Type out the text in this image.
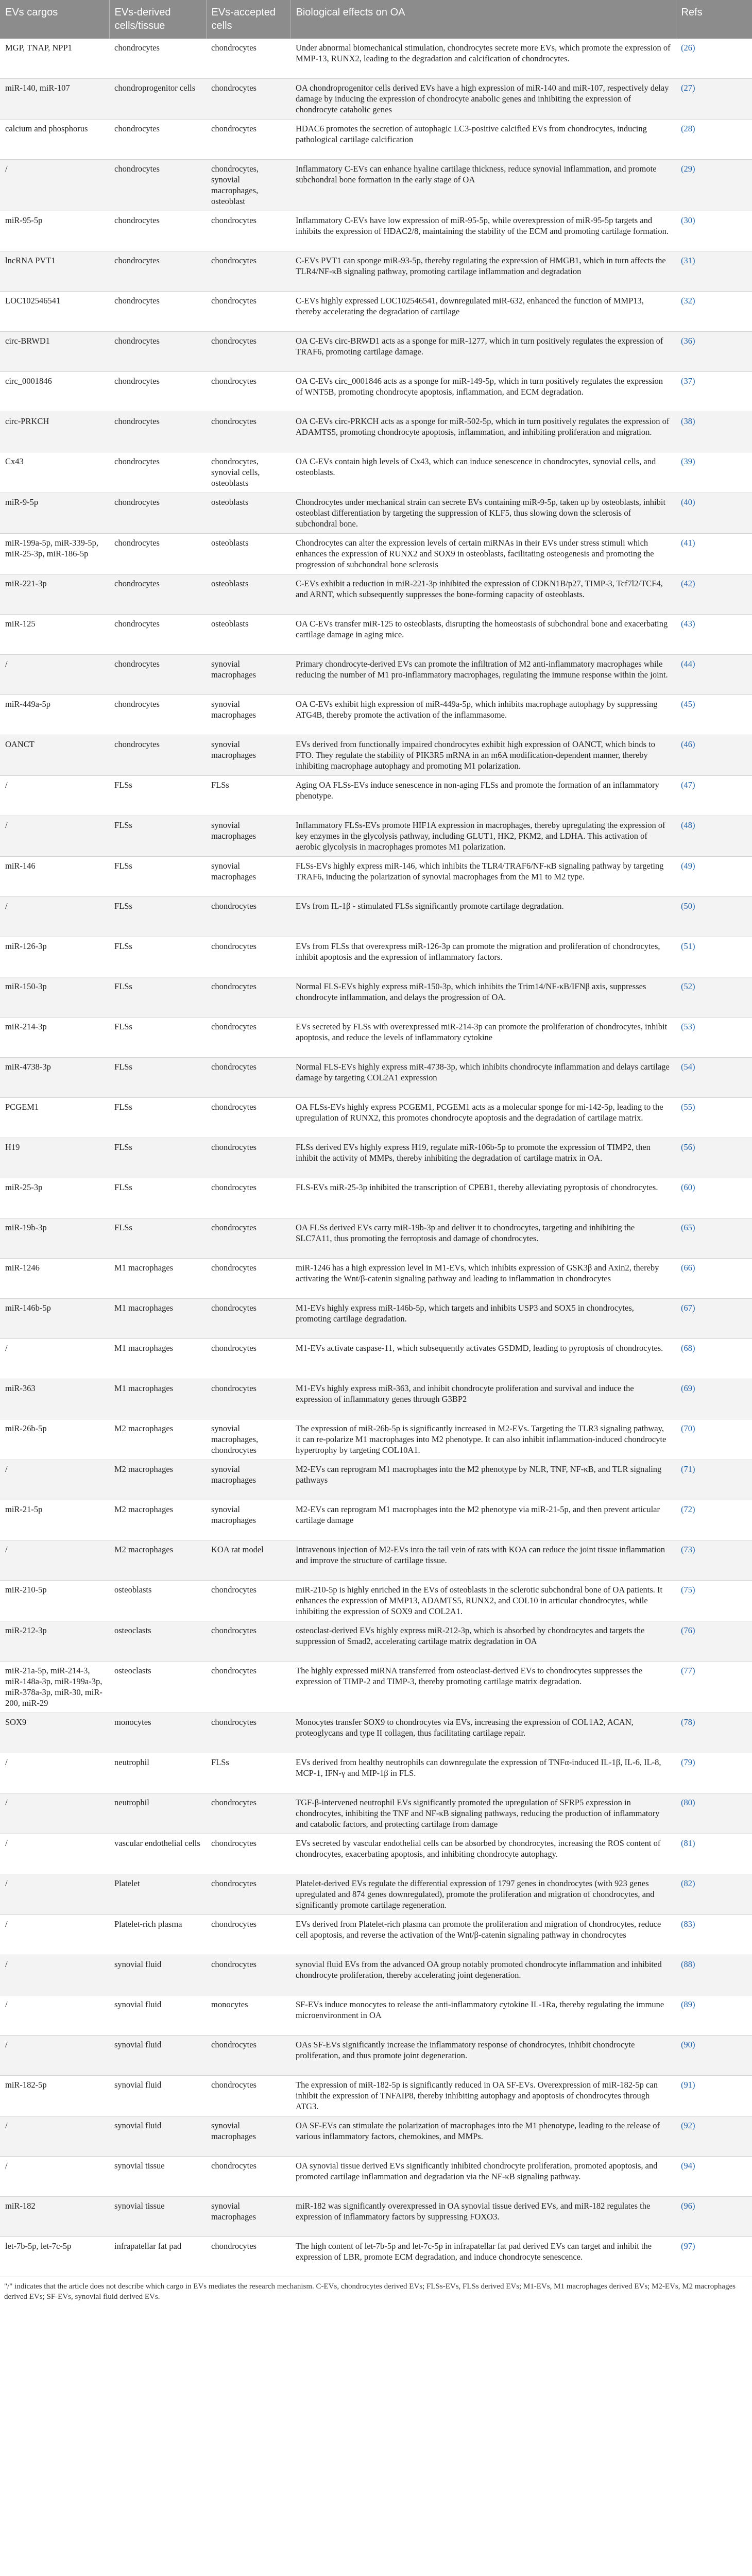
EVs cargos	EVs-derived cells/tissue	EVs-accepted cells	Biological effects on OA	Refs
MGP, TNAP, NPP1	chondrocytes	chondrocytes	Under abnormal biomechanical stimulation, chondrocytes secrete more EVs, which promote the expression of MMP-13, RUNX2, leading to the degradation and calcification of chondrocytes.	(26)
miR-140, miR-107	chondroprogenitor cells	chondrocytes	OA chondroprogenitor cells derived EVs have a high expression of miR-140 and miR-107, respectively delay damage by inducing the expression of chondrocyte anabolic genes and inhibiting the expression of chondrocyte catabolic genes	(27)
calcium and phosphorus	chondrocytes	chondrocytes	HDAC6 promotes the secretion of autophagic LC3-positive calcified EVs from chondrocytes, inducing pathological cartilage calcification	(28)
/	chondrocytes	chondrocytes, synovial macrophages, osteoblast	Inflammatory C-EVs can enhance hyaline cartilage thickness, reduce synovial inflammation, and promote subchondral bone formation in the early stage of OA	(29)
miR-95-5p	chondrocytes	chondrocytes	Inflammatory C-EVs have low expression of miR-95-5p, while overexpression of miR-95-5p targets and inhibits the expression of HDAC2/8, maintaining the stability of the ECM and promoting cartilage formation.	(30)
lncRNA PVT1	chondrocytes	chondrocytes	C-EVs PVT1 can sponge miR-93-5p, thereby regulating the expression of HMGB1, which in turn affects the TLR4/NF-κB signaling pathway, promoting cartilage inflammation and degradation	(31)
LOC102546541	chondrocytes	chondrocytes	C-EVs highly expressed LOC102546541, downregulated miR-632, enhanced the function of MMP13, thereby accelerating the degradation of cartilage	(32)
circ-BRWD1	chondrocytes	chondrocytes	OA C-EVs circ-BRWD1 acts as a sponge for miR-1277, which in turn positively regulates the expression of TRAF6, promoting cartilage damage.	(36)
circ_0001846	chondrocytes	chondrocytes	OA C-EVs circ_0001846 acts as a sponge for miR-149-5p, which in turn positively regulates the expression of WNT5B, promoting chondrocyte apoptosis, inflammation, and ECM degradation.	(37)
circ-PRKCH	chondrocytes	chondrocytes	OA C-EVs circ-PRKCH acts as a sponge for miR-502-5p, which in turn positively regulates the expression of ADAMTS5, promoting chondrocyte apoptosis, inflammation, and inhibiting proliferation and migration.	(38)
Cx43	chondrocytes	chondrocytes, synovial cells, osteoblasts	OA C-EVs contain high levels of Cx43, which can induce senescence in chondrocytes, synovial cells, and osteoblasts.	(39)
miR-9-5p	chondrocytes	osteoblasts	Chondrocytes under mechanical strain can secrete EVs containing miR-9-5p, taken up by osteoblasts, inhibit osteoblast differentiation by targeting the suppression of KLF5, thus slowing down the sclerosis of subchondral bone.	(40)
miR-199a-5p, miR-339-5p, miR-25-3p, miR-186-5p	chondrocytes	osteoblasts	Chondrocytes can alter the expression levels of certain miRNAs in their EVs under stress stimuli which enhances the expression of RUNX2 and SOX9 in osteoblasts, facilitating osteogenesis and promoting the progression of subchondral bone sclerosis	(41)
miR-221-3p	chondrocytes	osteoblasts	C-EVs exhibit a reduction in miR-221-3p inhibited the expression of CDKN1B/p27, TIMP-3, Tcf7l2/TCF4, and ARNT, which subsequently suppresses the bone-forming capacity of osteoblasts.	(42)
miR-125	chondrocytes	osteoblasts	OA C-EVs transfer miR-125 to osteoblasts, disrupting the homeostasis of subchondral bone and exacerbating cartilage damage in aging mice.	(43)
/	chondrocytes	synovial macrophages	Primary chondrocyte-derived EVs can promote the infiltration of M2 anti-inflammatory macrophages while reducing the number of M1 pro-inflammatory macrophages, regulating the immune response within the joint.	(44)
miR-449a-5p	chondrocytes	synovial macrophages	OA C-EVs exhibit high expression of miR-449a-5p, which inhibits macrophage autophagy by suppressing ATG4B, thereby promote the activation of the inflammasome.	(45)
OANCT	chondrocytes	synovial macrophages	EVs derived from functionally impaired chondrocytes exhibit high expression of OANCT, which binds to FTO. They regulate the stability of PIK3R5 mRNA in an m6A modification-dependent manner, thereby inhibiting macrophage autophagy and promoting M1 polarization.	(46)
/	FLSs	FLSs	Aging OA FLSs-EVs induce senescence in non-aging FLSs and promote the formation of an inflammatory phenotype.	(47)
/	FLSs	synovial macrophages	Inflammatory FLSs-EVs promote HIF1A expression in macrophages, thereby upregulating the expression of key enzymes in the glycolysis pathway, including GLUT1, HK2, PKM2, and LDHA. This activation of aerobic glycolysis in macrophages promotes M1 polarization.	(48)
miR-146	FLSs	synovial macrophages	FLSs-EVs highly express miR-146, which inhibits the TLR4/TRAF6/NF-κB signaling pathway by targeting TRAF6, inducing the polarization of synovial macrophages from the M1 to M2 type.	(49)
/	FLSs	chondrocytes	EVs from IL-1β - stimulated FLSs significantly promote cartilage degradation.	(50)
miR-126-3p	FLSs	chondrocytes	EVs from FLSs that overexpress miR-126-3p can promote the migration and proliferation of chondrocytes, inhibit apoptosis and the expression of inflammatory factors.	(51)
miR-150-3p	FLSs	chondrocytes	Normal FLS-EVs highly express miR-150-3p, which inhibits the Trim14/NF-κB/IFNβ axis, suppresses chondrocyte inflammation, and delays the progression of OA.	(52)
miR-214-3p	FLSs	chondrocytes	EVs secreted by FLSs with overexpressed miR-214-3p can promote the proliferation of chondrocytes, inhibit apoptosis, and reduce the levels of inflammatory cytokine	(53)
miR-4738-3p	FLSs	chondrocytes	Normal FLS-EVs highly express miR-4738-3p, which inhibits chondrocyte inflammation and delays cartilage damage by targeting COL2A1 expression	(54)
PCGEM1	FLSs	chondrocytes	OA FLSs-EVs highly express PCGEM1, PCGEM1 acts as a molecular sponge for mi-142-5p, leading to the upregulation of RUNX2, this promotes chondrocyte apoptosis and the degradation of cartilage matrix.	(55)
H19	FLSs	chondrocytes	FLSs derived EVs highly express H19, regulate miR-106b-5p to promote the expression of TIMP2, then inhibit the activity of MMPs, thereby inhibiting the degradation of cartilage matrix in OA.	(56)
miR-25-3p	FLSs	chondrocytes	FLS-EVs miR-25-3p inhibited the transcription of CPEB1, thereby alleviating pyroptosis of chondrocytes.	(60)
miR-19b-3p	FLSs	chondrocytes	OA FLSs derived EVs carry miR-19b-3p and deliver it to chondrocytes, targeting and inhibiting the SLC7A11, thus promoting the ferroptosis and damage of chondrocytes.	(65)
miR-1246	M1 macrophages	chondrocytes	miR-1246 has a high expression level in M1-EVs, which inhibits expression of GSK3β and Axin2, thereby activating the Wnt/β-catenin signaling pathway and leading to inflammation in chondrocytes	(66)
miR-146b-5p	M1 macrophages	chondrocytes	M1-EVs highly express miR-146b-5p, which targets and inhibits USP3 and SOX5 in chondrocytes, promoting cartilage degradation.	(67)
/	M1 macrophages	chondrocytes	M1-EVs activate caspase-11, which subsequently activates GSDMD, leading to pyroptosis of chondrocytes.	(68)
miR-363	M1 macrophages	chondrocytes	M1-EVs highly express miR-363, and inhibit chondrocyte proliferation and survival and induce the expression of inflammatory genes through G3BP2	(69)
miR-26b-5p	M2 macrophages	synovial macrophages, chondrocytes	The expression of miR-26b-5p is significantly increased in M2-EVs. Targeting the TLR3 signaling pathway, it can re-polarize M1 macrophages into M2 phenotype. It can also inhibit inflammation-induced chondrocyte hypertrophy by targeting COL10A1.	(70)
/	M2 macrophages	synovial macrophages	M2-EVs can reprogram M1 macrophages into the M2 phenotype by NLR, TNF, NF-κB, and TLR signaling pathways	(71)
miR-21-5p	M2 macrophages	synovial macrophages	M2-EVs can reprogram M1 macrophages into the M2 phenotype via miR-21-5p, and then prevent articular cartilage damage	(72)
/	M2 macrophages	KOA rat model	Intravenous injection of M2-EVs into the tail vein of rats with KOA can reduce the joint tissue inflammation and improve the structure of cartilage tissue.	(73)
miR-210-5p	osteoblasts	chondrocytes	miR-210-5p is highly enriched in the EVs of osteoblasts in the sclerotic subchondral bone of OA patients. It enhances the expression of MMP13, ADAMTS5, RUNX2, and COL10 in articular chondrocytes, while inhibiting the expression of SOX9 and COL2A1.	(75)
miR-212-3p	osteoclasts	chondrocytes	osteoclast-derived EVs highly express miR-212-3p, which is absorbed by chondrocytes and targets the suppression of Smad2, accelerating cartilage matrix degradation in OA	(76)
miR-21a-5p, miR-214-3, miR-148a-3p, miR-199a-3p, miR-378a-3p, miR-30, miR-200, miR-29	osteoclasts	chondrocytes	The highly expressed miRNA transferred from osteoclast-derived EVs to chondrocytes suppresses the expression of TIMP-2 and TIMP-3, thereby promoting cartilage matrix degradation.	(77)
SOX9	monocytes	chondrocytes	Monocytes transfer SOX9 to chondrocytes via EVs, increasing the expression of COL1A2, ACAN, proteoglycans and type II collagen, thus facilitating cartilage repair.	(78)
/	neutrophil	FLSs	EVs derived from healthy neutrophils can downregulate the expression of TNFα-induced IL-1β, IL-6, IL-8, MCP-1, IFN-γ and MIP-1β in FLS.	(79)
/	neutrophil	chondrocytes	TGF-β-intervened neutrophil EVs significantly promoted the upregulation of SFRP5 expression in chondrocytes, inhibiting the TNF and NF-κB signaling pathways, reducing the production of inflammatory and catabolic factors, and protecting cartilage from damage	(80)
/	vascular endothelial cells	chondrocytes	EVs secreted by vascular endothelial cells can be absorbed by chondrocytes, increasing the ROS content of chondrocytes, exacerbating apoptosis, and inhibiting chondrocyte autophagy.	(81)
/	Platelet	chondrocytes	Platelet-derived EVs regulate the differential expression of 1797 genes in chondrocytes (with 923 genes upregulated and 874 genes downregulated), promote the proliferation and migration of chondrocytes, and significantly promote cartilage regeneration.	(82)
/	Platelet-rich plasma	chondrocytes	EVs derived from Platelet-rich plasma can promote the proliferation and migration of chondrocytes, reduce cell apoptosis, and reverse the activation of the Wnt/β-catenin signaling pathway in chondrocytes	(83)
/	synovial fluid	chondrocytes	synovial fluid EVs from the advanced OA group notably promoted chondrocyte inflammation and inhibited chondrocyte proliferation, thereby accelerating joint degeneration.	(88)
/	synovial fluid	monocytes	SF-EVs induce monocytes to release the anti-inflammatory cytokine IL-1Ra, thereby regulating the immune microenvironment in OA	(89)
/	synovial fluid	chondrocytes	OAs SF-EVs significantly increase the inflammatory response of chondrocytes, inhibit chondrocyte proliferation, and thus promote joint degeneration.	(90)
miR-182-5p	synovial fluid	chondrocytes	The expression of miR-182-5p is significantly reduced in OA SF-EVs. Overexpression of miR-182-5p can inhibit the expression of TNFAIP8, thereby inhibiting autophagy and apoptosis of chondrocytes through ATG3.	(91)
/	synovial fluid	synovial macrophages	OA SF-EVs can stimulate the polarization of macrophages into the M1 phenotype, leading to the release of various inflammatory factors, chemokines, and MMPs.	(92)
/	synovial tissue	chondrocytes	OA synovial tissue derived EVs significantly inhibited chondrocyte proliferation, promoted apoptosis, and promoted cartilage inflammation and degradation via the NF-κB signaling pathway.	(94)
miR-182	synovial tissue	synovial macrophages	miR-182 was significantly overexpressed in OA synovial tissue derived EVs, and miR-182 regulates the expression of inflammatory factors by suppressing FOXO3.	(96)
let-7b-5p, let-7c-5p	infrapatellar fat pad	chondrocytes	The high content of let-7b-5p and let-7c-5p in infrapatellar fat pad derived EVs can target and inhibit the expression of LBR, promote ECM degradation, and induce chondrocyte senescence.	(97)
"/" indicates that the article does not describe which cargo in EVs mediates the research mechanism. C-EVs, chondrocytes derived EVs; FLSs-EVs, FLSs derived EVs; M1-EVs, M1 macrophages derived EVs; M2-EVs, M2 macrophages derived EVs; SF-EVs, synovial fluid derived EVs.
